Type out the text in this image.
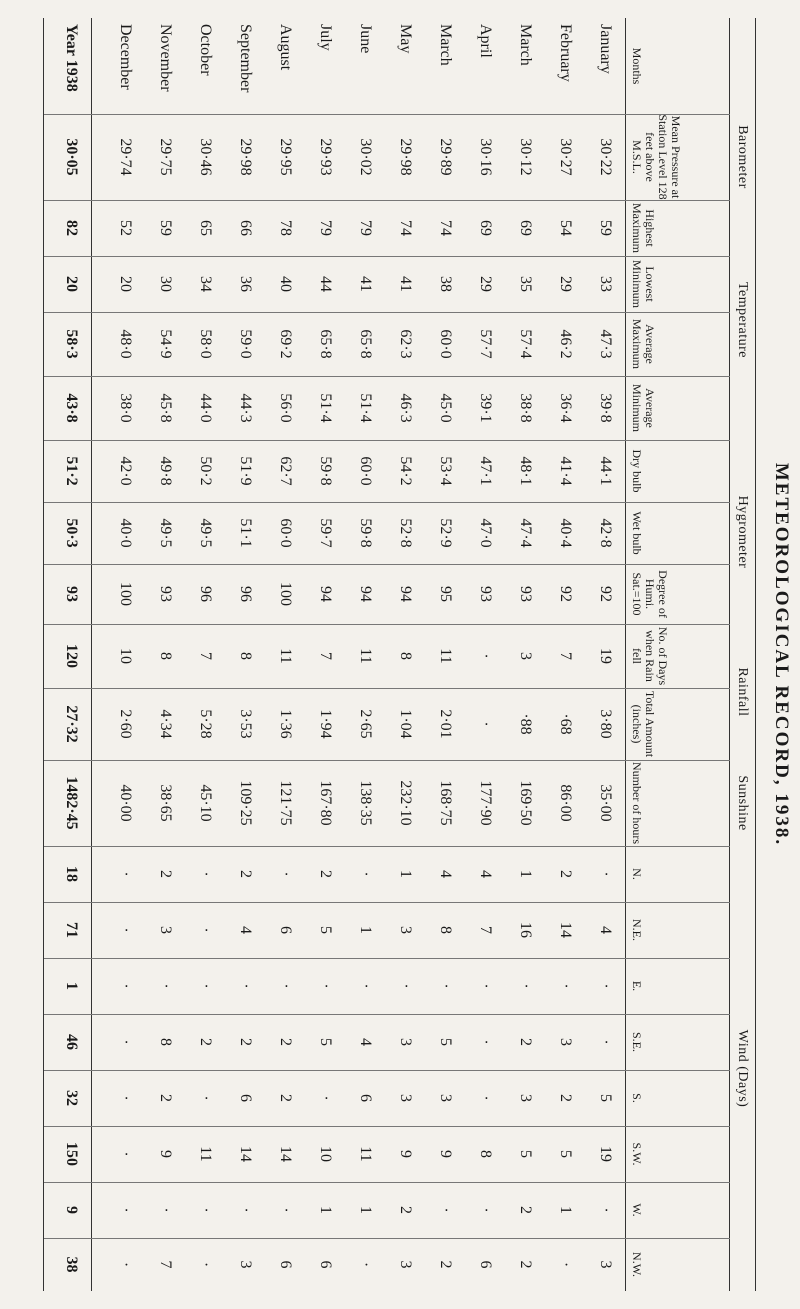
METEOROLOGICAL RECORD, 1938.
Barometer
Temperature
Hygrometer
Rainfall
Sunshine
Wind (Days)
Months
Mean Pressure at Station Level 128 feet above M.S.L.
Highest Maximum
Lowest Minimum
Average Maximum
Average Minimum
Dry bulb
Wet bulb
Degree of Humi. Sat.=100
No. of Days when Rain fell
Total Amount (inches)
Number of hours
N.
N.E.
E.
S.E.
S.
S.W.
W.
N.W.
January
30·22
59
33
47·3
39·8
44·1
42·8
92
19
3·80
35·00
·
4
·
·
5
19
·
3
February
30·27
54
29
46·2
36·4
41·4
40·4
92
7
·68
86·00
2
14
·
3
2
5
1
·
March
30·12
69
35
57·4
38·8
48·1
47·4
93
3
·88
169·50
1
16
·
2
3
5
2
2
April
30·16
69
29
57·7
39·1
47·1
47·0
93
·
·
177·90
4
7
·
·
·
8
·
6
March
29·89
74
38
60·0
45·0
53·4
52·9
95
11
2·01
168·75
4
8
·
5
3
9
·
2
May
29·98
74
41
62·3
46·3
54·2
52·8
94
8
1·04
232·10
1
3
·
3
3
9
2
3
June
30·02
79
41
65·8
51·4
60·0
59·8
94
11
2·65
138·35
·
1
·
4
6
11
1
·
July
29·93
79
44
65·8
51·4
59·8
59·7
94
7
1·94
167·80
2
5
·
5
·
10
1
6
August
29·95
78
40
69·2
56·0
62·7
60·0
100
11
1·36
121·75
·
6
·
2
2
14
·
6
September
29·98
66
36
59·0
44·3
51·9
51·1
96
8
3·53
109·25
2
4
·
2
6
14
·
3
October
30·46
65
34
58·0
44·0
50·2
49·5
96
7
5·28
45·10
·
·
·
2
·
11
·
·
November
29·75
59
30
54·9
45·8
49·8
49·5
93
8
4·34
38·65
2
3
·
8
2
9
·
7
December
29·74
52
20
48·0
38·0
42·0
40·0
100
10
2·60
40·00
·
·
·
·
·
·
·
·
Year 1938
30·05
82
20
58·3
43·8
51·2
50·3
93
120
27·32
1482·45
18
71
1
46
32
150
9
38
